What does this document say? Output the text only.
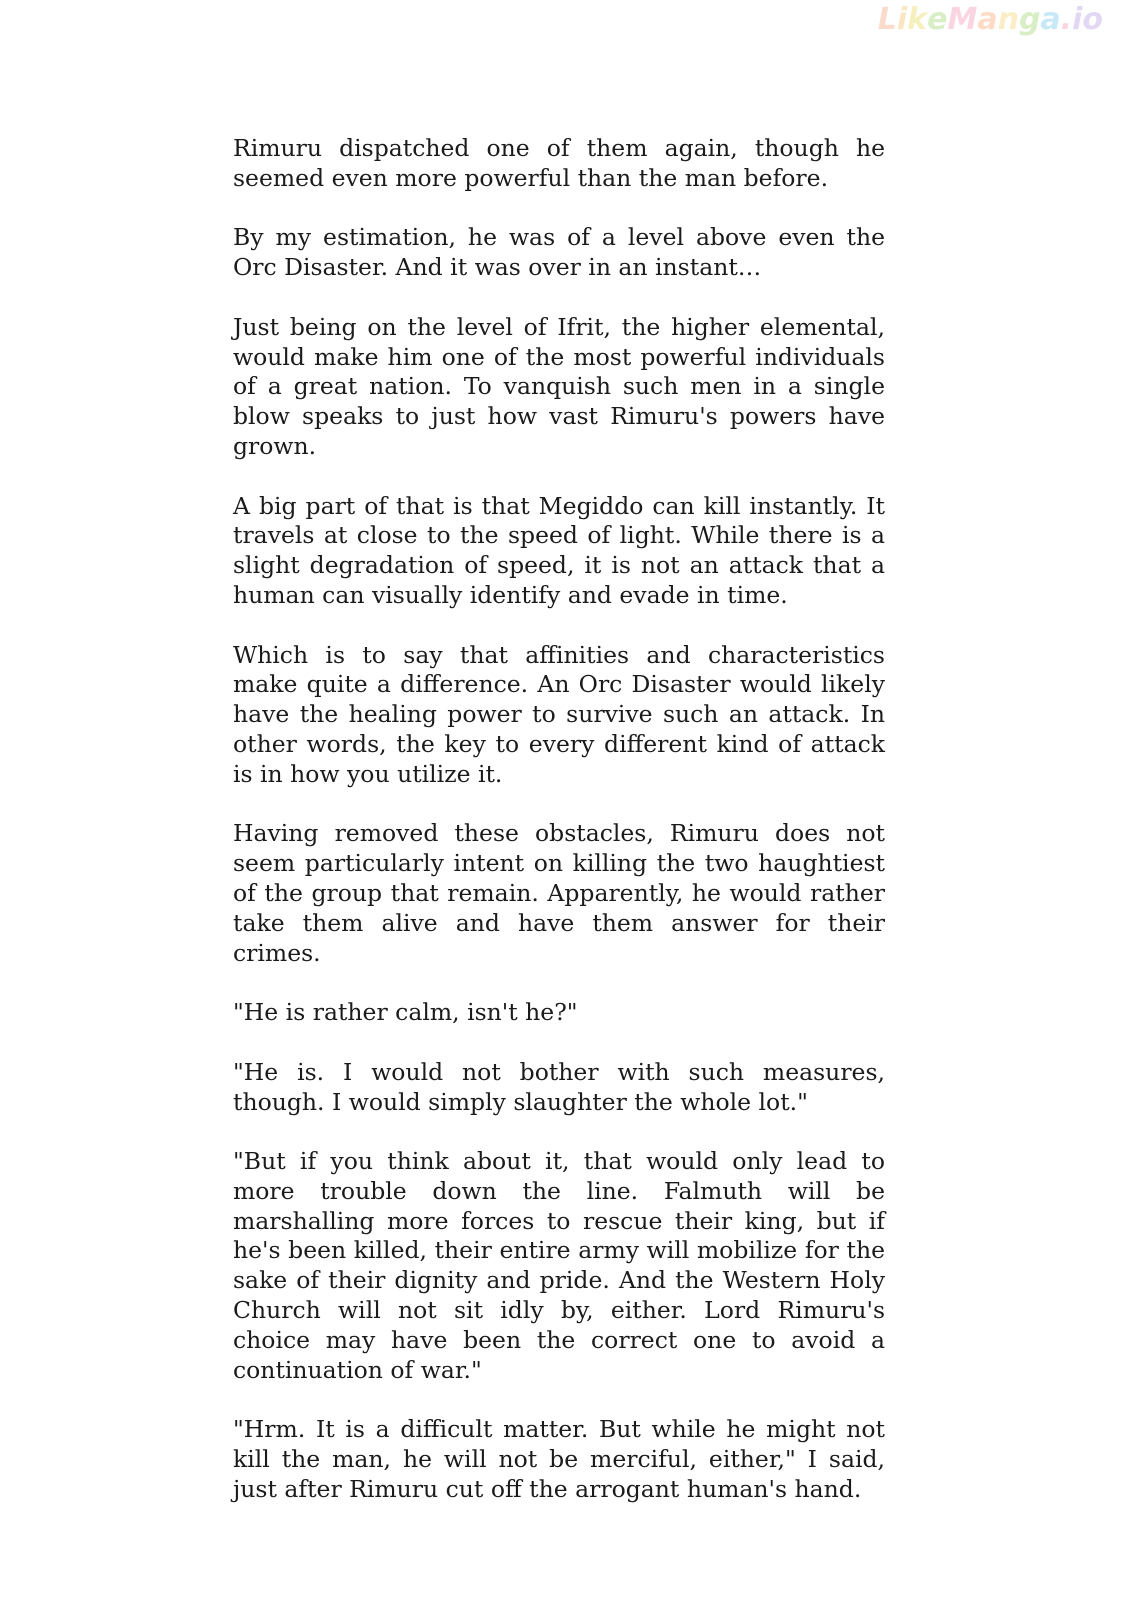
LikeManga.io

Rimuru dispatched one of them again, though he seemed even more powerful than the man before.

By my estimation, he was of a level above even the Orc Disaster. And it was over in an instant…

Just being on the level of Ifrit, the higher elemental, would make him one of the most powerful individuals of a great nation. To vanquish such men in a single blow speaks to just how vast Rimuru's powers have grown.

A big part of that is that Megiddo can kill instantly. It travels at close to the speed of light. While there is a slight degradation of speed, it is not an attack that a human can visually identify and evade in time.

Which is to say that affinities and characteristics make quite a difference. An Orc Disaster would likely have the healing power to survive such an attack. In other words, the key to every different kind of attack is in how you utilize it.

Having removed these obstacles, Rimuru does not seem particularly intent on killing the two haughtiest of the group that remain. Apparently, he would rather take them alive and have them answer for their crimes.

"He is rather calm, isn't he?"

"He is. I would not bother with such measures, though. I would simply slaughter the whole lot."

"But if you think about it, that would only lead to more trouble down the line. Falmuth will be marshalling more forces to rescue their king, but if he's been killed, their entire army will mobilize for the sake of their dignity and pride. And the Western Holy Church will not sit idly by, either. Lord Rimuru's choice may have been the correct one to avoid a continuation of war."

"Hrm. It is a difficult matter. But while he might not kill the man, he will not be merciful, either," I said, just after Rimuru cut off the arrogant human's hand.
